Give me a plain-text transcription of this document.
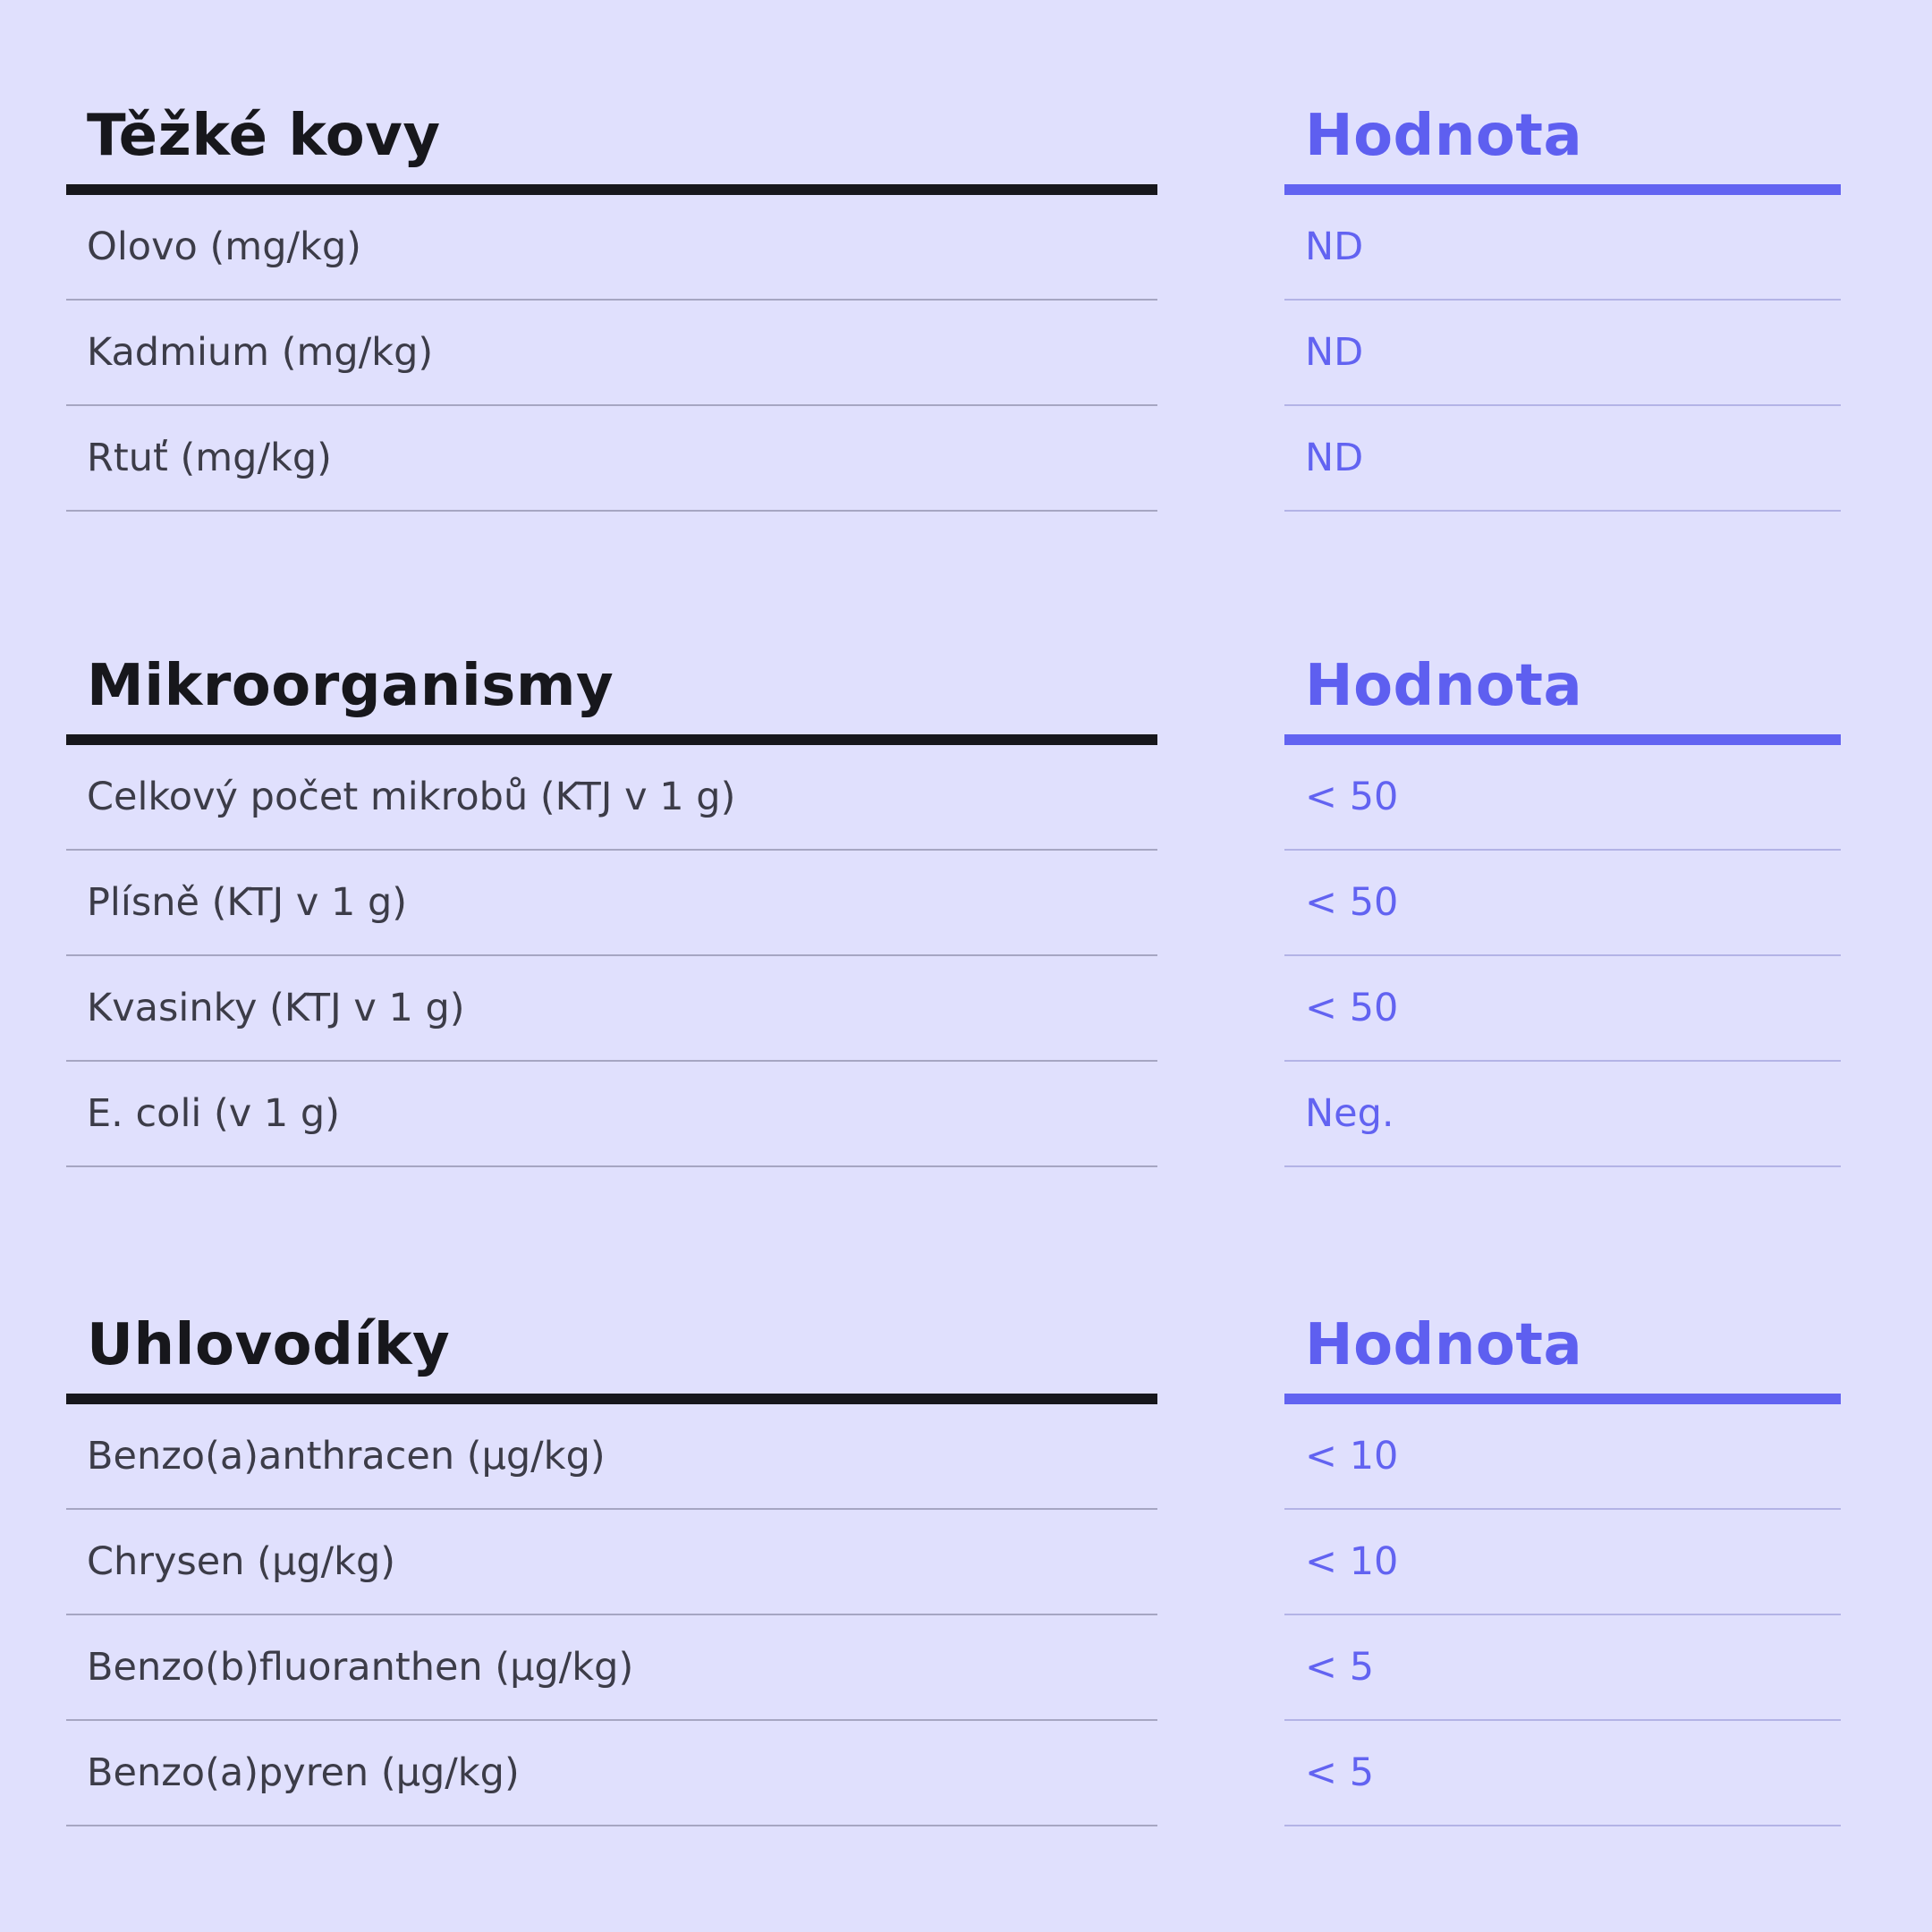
Těžké kovy
Olovo (mg/kg)
Kadmium (mg/kg)
Rtuť (mg/kg)
Hodnota
ND
ND
ND
Mikroorganismy
Celkový počet mikrobů (KTJ v 1 g)
Plísně (KTJ v 1 g)
Kvasinky (KTJ v 1 g)
E. coli (v 1 g)
Hodnota
< 50
< 50
< 50
Neg.
Uhlovodíky
Benzo(a)anthracen (µg/kg)
Chrysen (µg/kg)
Benzo(b)fluoranthen (µg/kg)
Benzo(a)pyren (µg/kg)
Hodnota
< 10
< 10
< 5
< 5
